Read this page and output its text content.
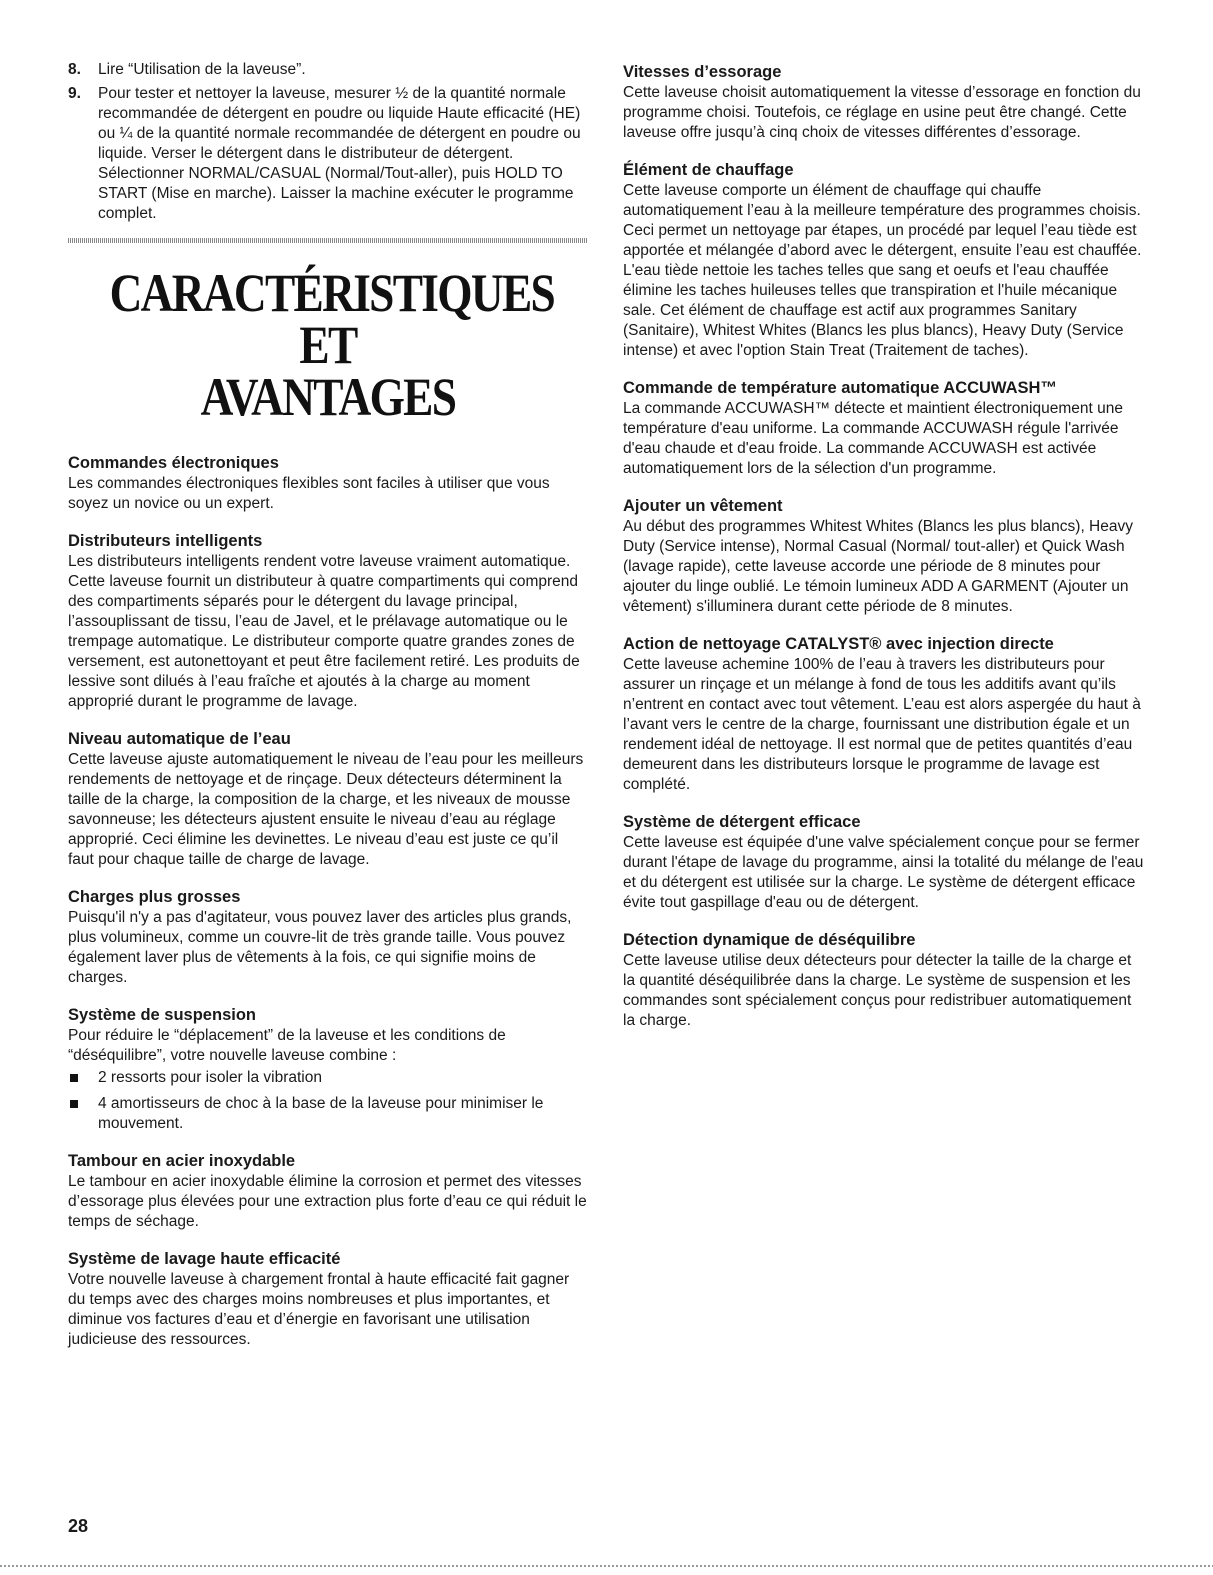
8.	Lire “Utilisation de la laveuse”.
9.	Pour tester et nettoyer la laveuse, mesurer ½ de la quantité normale recommandée de détergent en poudre ou liquide Haute efficacité (HE) ou ¼ de la quantité normale recommandée de détergent en poudre ou liquide. Verser le détergent dans le distributeur de détergent. Sélectionner NORMAL/CASUAL (Normal/Tout-aller), puis HOLD TO START (Mise en marche). Laisser la machine exécuter le programme complet.
CARACTÉRISTIQUES ET
AVANTAGES
Commandes électroniques

Les commandes électroniques flexibles sont faciles à utiliser que vous soyez un novice ou un expert.

Distributeurs intelligents

Les distributeurs intelligents rendent votre laveuse vraiment automatique. Cette laveuse fournit un distributeur à quatre compartiments qui comprend des compartiments séparés pour le détergent du lavage principal, l’assouplissant de tissu, l’eau de Javel, et le prélavage automatique ou le trempage automatique. Le distributeur comporte quatre grandes zones de versement, est autonettoyant et peut être facilement retiré. Les produits de lessive sont dilués à l’eau fraîche et ajoutés à la charge au moment approprié durant le programme de lavage.

Niveau automatique de l’eau

Cette laveuse ajuste automatiquement le niveau de l’eau pour les meilleurs rendements de nettoyage et de rinçage. Deux détecteurs déterminent la taille de la charge, la composition de la charge, et les niveaux de mousse savonneuse; les détecteurs ajustent ensuite le niveau d’eau au réglage approprié. Ceci élimine les devinettes. Le niveau d’eau est juste ce qu’il faut pour chaque taille de charge de lavage.

Charges plus grosses

Puisqu'il n'y a pas d'agitateur, vous pouvez laver des articles plus grands, plus volumineux, comme un couvre-lit de très grande taille. Vous pouvez également laver plus de vêtements à la fois, ce qui signifie moins de charges.

Système de suspension

Pour réduire le “déplacement” de la laveuse et les conditions de “déséquilibre”, votre nouvelle laveuse combine :

2 ressorts pour isoler la vibration
4 amortisseurs de choc à la base de la laveuse pour minimiser le mouvement.
Tambour en acier inoxydable

Le tambour en acier inoxydable élimine la corrosion et permet des vitesses d’essorage plus élevées pour une extraction plus forte d’eau ce qui réduit le temps de séchage.

Système de lavage haute efficacité

Votre nouvelle laveuse à chargement frontal à haute efficacité fait gagner du temps avec des charges moins nombreuses et plus importantes, et diminue vos factures d’eau et d’énergie en favorisant une utilisation judicieuse des ressources.

Vitesses d’essorage

Cette laveuse choisit automatiquement la vitesse d’essorage en fonction du programme choisi. Toutefois, ce réglage en usine peut être changé. Cette laveuse offre jusqu’à cinq choix de vitesses différentes d’essorage.

Élément de chauffage

Cette laveuse comporte un élément de chauffage qui chauffe automatiquement l’eau à la meilleure température des programmes choisis. Ceci permet un nettoyage par étapes, un procédé par lequel l’eau tiède est apportée et mélangée d’abord avec le détergent, ensuite l’eau est chauffée. L'eau tiède nettoie les taches telles que sang et oeufs et l'eau chauffée élimine les taches huileuses telles que transpiration et l'huile mécanique sale. Cet élément de chauffage est actif aux programmes Sanitary (Sanitaire), Whitest Whites (Blancs les plus blancs), Heavy Duty (Service intense) et avec l'option Stain Treat (Traitement de taches).

Commande de température automatique ACCUWASH™

La commande ACCUWASH™ détecte et maintient électroniquement une température d'eau uniforme. La commande ACCUWASH régule l'arrivée d'eau chaude et d'eau froide. La commande ACCUWASH est activée automatiquement lors de la sélection d'un programme.

Ajouter un vêtement

Au début des programmes Whitest Whites (Blancs les plus blancs), Heavy Duty (Service intense), Normal Casual (Normal/ tout-aller) et Quick Wash (lavage rapide), cette laveuse accorde une période de 8 minutes pour ajouter du linge oublié. Le témoin lumineux ADD A GARMENT (Ajouter un vêtement) s'illuminera durant cette période de 8 minutes.

Action de nettoyage CATALYST® avec injection directe

Cette laveuse achemine 100% de l’eau à travers les distributeurs pour assurer un rinçage et un mélange à fond de tous les additifs avant qu’ils n’entrent en contact avec tout vêtement. L’eau est alors aspergée du haut à l’avant vers le centre de la charge, fournissant une distribution égale et un rendement idéal de nettoyage. Il est normal que de petites quantités d’eau demeurent dans les distributeurs lorsque le programme de lavage est complété.

Système de détergent efficace

Cette laveuse est équipée d'une valve spécialement conçue pour se fermer durant l'étape de lavage du programme, ainsi la totalité du mélange de l'eau et du détergent est utilisée sur la charge. Le système de détergent efficace évite tout gaspillage d'eau ou de détergent.

Détection dynamique de déséquilibre

Cette laveuse utilise deux détecteurs pour détecter la taille de la charge et la quantité déséquilibrée dans la charge. Le système de suspension et les commandes sont spécialement conçus pour redistribuer automatiquement la charge.

28
